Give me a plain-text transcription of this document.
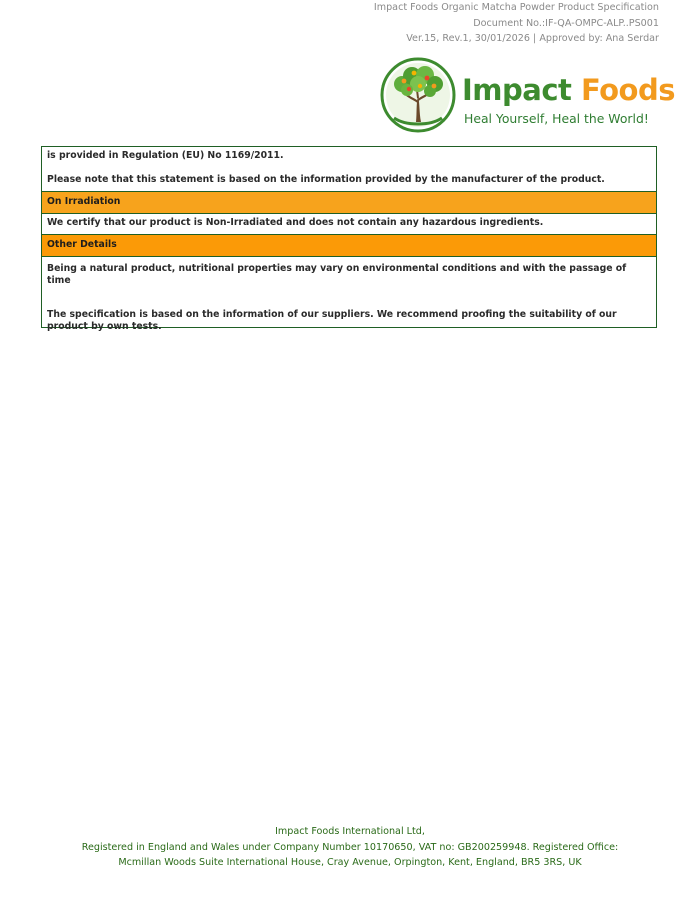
Impact Foods Organic Matcha Powder Product Specification
Document No.:IF-QA-OMPC-ALP..PS001
Ver.15, Rev.1, 30/01/2026 | Approved by: Ana Serdar
Impact Foods
Heal Yourself, Heal the World!

is provided in Regulation (EU) No 1169/2011.

Please note that this statement is based on the information provided by the manufacturer of the product.

On Irradiation

We certify that our product is Non-Irradiated and does not contain any hazardous ingredients.

Other Details

Being a natural product, nutritional properties may vary on environmental conditions and with the passage of time

The specification is based on the information of our suppliers. We recommend proofing the suitability of our product by own tests.

Impact Foods International Ltd,
Registered in England and Wales under Company Number 10170650, VAT no: GB200259948. Registered Office:
Mcmillan Woods Suite International House, Cray Avenue, Orpington, Kent, England, BR5 3RS, UK
